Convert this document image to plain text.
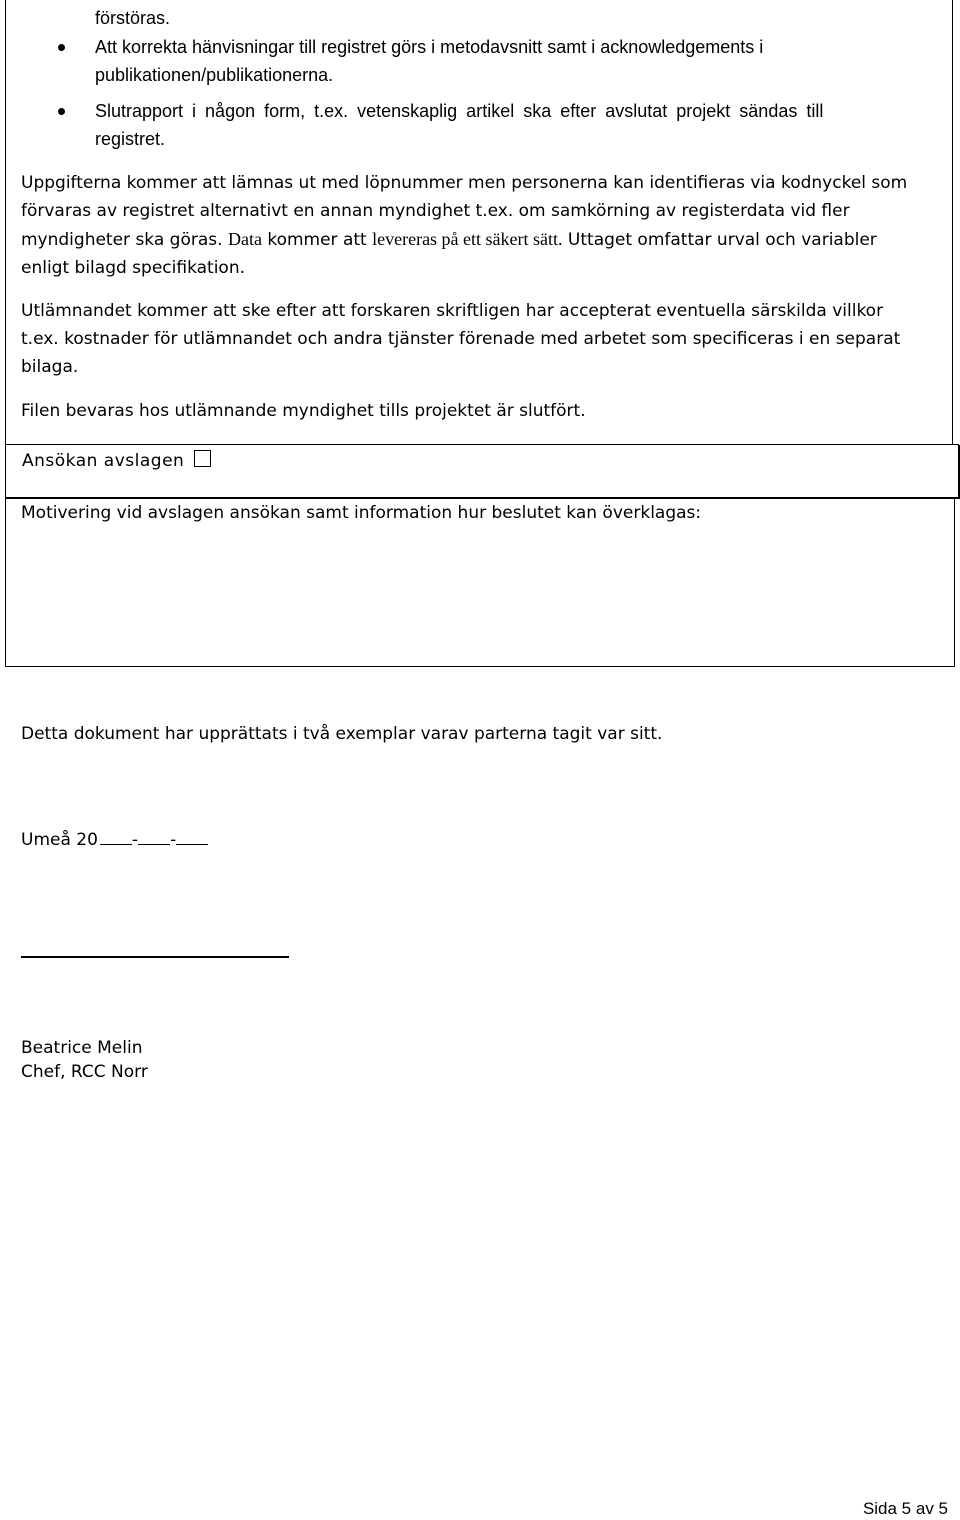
förstöras.

Att korrekta hänvisningar till registret görs i metodavsnitt samt i acknowledgements i

publikationen/publikationerna.

Slutrapport i någon form, t.ex. vetenskaplig artikel ska efter avslutat projekt sändas till

registret.

Uppgifterna kommer att lämnas ut med löpnummer men personerna kan identifieras via kodnyckel som förvaras av registret alternativt en annan myndighet t.ex. om samkörning av registerdata vid fler myndigheter ska göras. Data kommer att levereras på ett säkert sätt. Uttaget omfattar urval och variabler enligt bilagd specifikation.

Utlämnandet kommer att ske efter att forskaren skriftligen har accepterat eventuella särskilda villkor t.ex. kostnader för utlämnandet och andra tjänster förenade med arbetet som specificeras i en separat bilaga.

Filen bevaras hos utlämnande myndighet tills projektet är slutfört.

Ansökan avslagen
Motivering vid avslagen ansökan samt information hur beslutet kan överklagas:

Detta dokument har upprättats i två exemplar varav parterna tagit var sitt.

Umeå 20 - -

Beatrice Melin

Chef, RCC Norr

Sida 5 av 5
